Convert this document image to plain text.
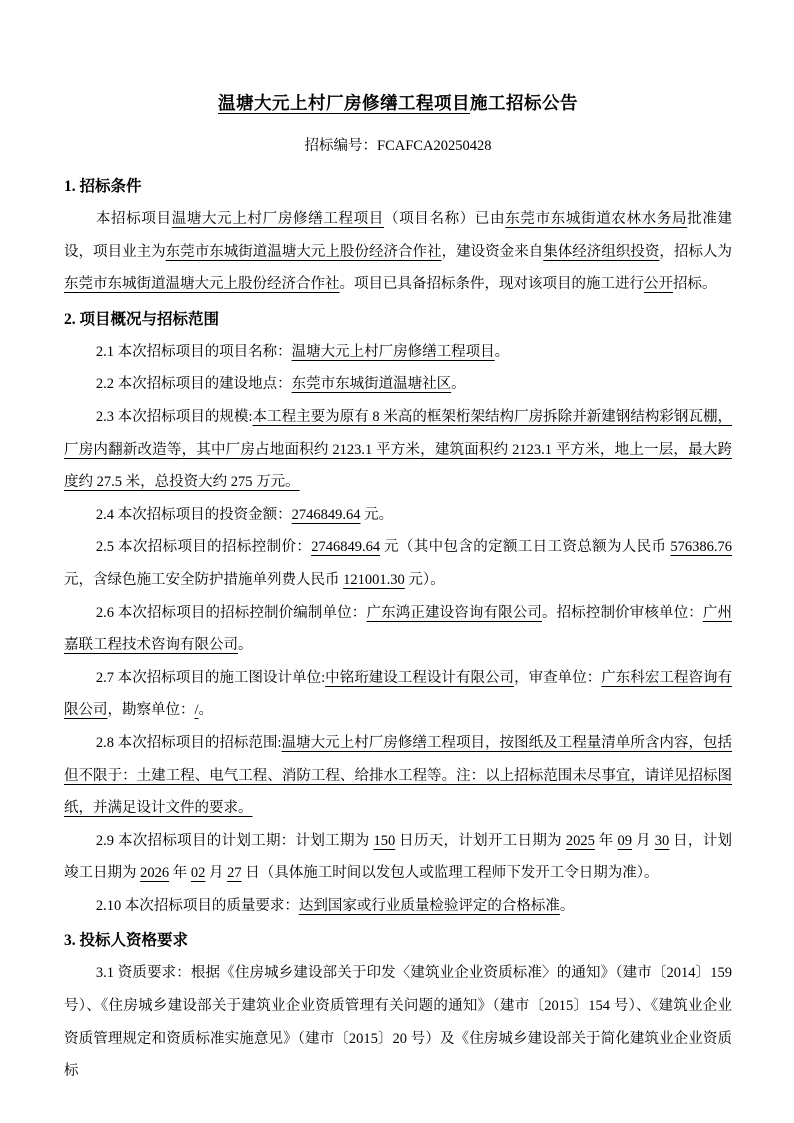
温塘大元上村厂房修缮工程项目施工招标公告

招标编号：FCAFCA20250428

1. 招标条件

本招标项目温塘大元上村厂房修缮工程项目（项目名称）已由东莞市东城街道农林水务局批准建设，项目业主为东莞市东城街道温塘大元上股份经济合作社，建设资金来自集体经济组织投资，招标人为东莞市东城街道温塘大元上股份经济合作社。项目已具备招标条件，现对该项目的施工进行公开招标。

2. 项目概况与招标范围

2.1 本次招标项目的项目名称：温塘大元上村厂房修缮工程项目。

2.2 本次招标项目的建设地点：东莞市东城街道温塘社区。

2.3 本次招标项目的规模:本工程主要为原有 8 米高的框架桁架结构厂房拆除并新建钢结构彩钢瓦棚，厂房内翻新改造等，其中厂房占地面积约 2123.1 平方米，建筑面积约 2123.1 平方米，地上一层，最大跨度约 27.5 米，总投资大约 275 万元。

2.4 本次招标项目的投资金额：2746849.64 元。

2.5 本次招标项目的招标控制价：2746849.64 元（其中包含的定额工日工资总额为人民币 576386.76 元，含绿色施工安全防护措施单列费人民币 121001.30 元）。

2.6 本次招标项目的招标控制价编制单位：广东鸿正建设咨询有限公司。招标控制价审核单位：广州嘉联工程技术咨询有限公司。

2.7 本次招标项目的施工图设计单位:中铭珩建设工程设计有限公司，审查单位：广东科宏工程咨询有限公司，勘察单位：/。

2.8 本次招标项目的招标范围:温塘大元上村厂房修缮工程项目，按图纸及工程量清单所含内容，包括但不限于：土建工程、电气工程、消防工程、给排水工程等。注：以上招标范围未尽事宜，请详见招标图纸，并满足设计文件的要求。

2.9 本次招标项目的计划工期：计划工期为 150 日历天，计划开工日期为 2025 年 09 月 30 日，计划竣工日期为 2026 年 02 月 27 日（具体施工时间以发包人或监理工程师下发开工令日期为准）。

2.10 本次招标项目的质量要求：达到国家或行业质量检验评定的合格标准。

3. 投标人资格要求

3.1 资质要求：根据《住房城乡建设部关于印发〈建筑业企业资质标准〉的通知》（建市〔2014〕159 号）、《住房城乡建设部关于建筑业企业资质管理有关问题的通知》（建市〔2015〕154 号）、《建筑业企业资质管理规定和资质标准实施意见》（建市〔2015〕20 号）及《住房城乡建设部关于简化建筑业企业资质标
